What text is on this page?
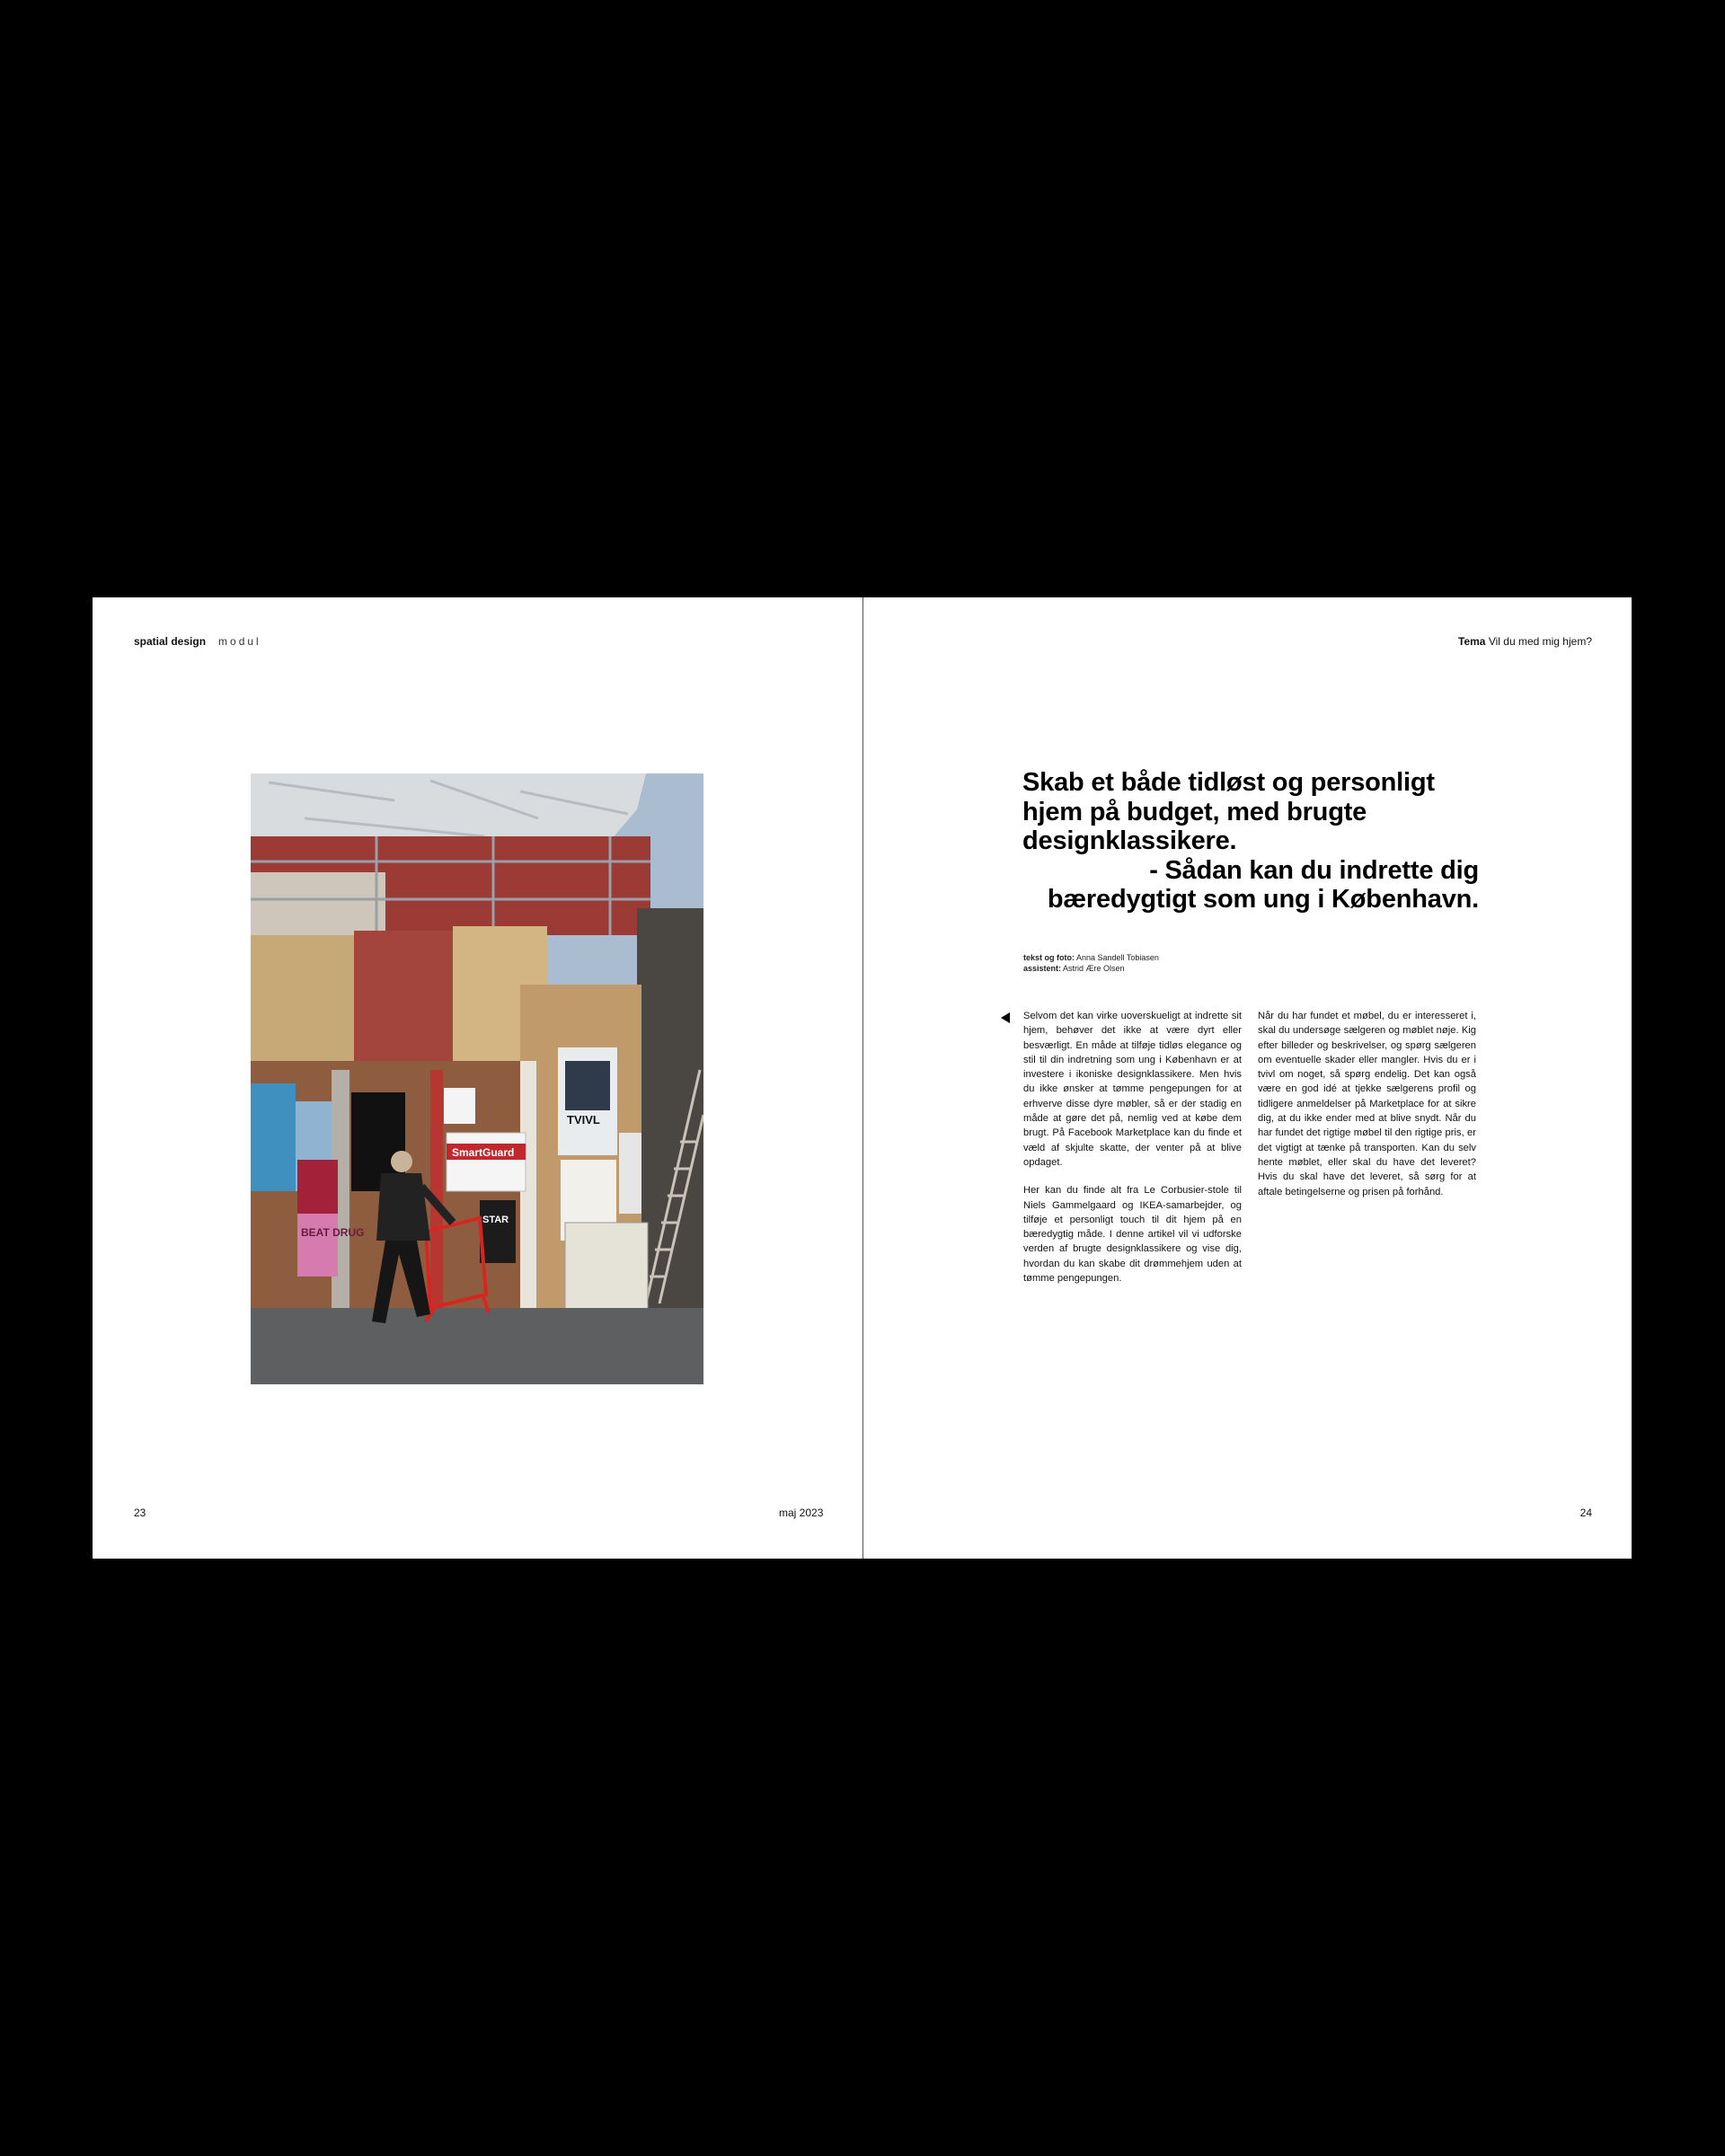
spatial design modul
BEAT DRUG
SmartGuard
STAR
TVIVL
23	maj 2023
Tema Vil du med mig hjem?
Skab et både tidløst og personligt hjem på budget, med brugte designklassikere.
- Sådan kan du indrette dig bæredygtigt som ung i København.
tekst og foto: Anna Sandell Tobiasen
assistent: Astrid Ære Olsen

Selvom det kan virke uoverskueligt at indrette sit hjem, behøver det ikke at være dyrt eller besværligt. En måde at tilføje tidløs elegance og stil til din indretning som ung i København er at investere i ikoniske designklassikere. Men hvis du ikke ønsker at tømme pengepungen for at erhverve disse dyre møbler, så er der stadig en måde at gøre det på, nemlig ved at købe dem brugt. På Facebook Marketplace kan du finde et væld af skjulte skatte, der venter på at blive opdaget.

Her kan du finde alt fra Le Corbusier-stole til Niels Gammelgaard og IKEA-samarbejder, og tilføje et personligt touch til dit hjem på en bæredygtig måde. I denne artikel vil vi udforske verden af brugte designklassikere og vise dig, hvordan du kan skabe dit drømmehjem uden at tømme pengepungen.

Når du har fundet et møbel, du er interesseret i, skal du undersøge sælgeren og møblet nøje. Kig efter billeder og beskrivelser, og spørg sælgeren om eventuelle skader eller mangler. Hvis du er i tvivl om noget, så spørg endelig. Det kan også være en god idé at tjekke sælgerens profil og tidligere anmeldelser på Marketplace for at sikre dig, at du ikke ender med at blive snydt. Når du har fundet det rigtige møbel til den rigtige pris, er det vigtigt at tænke på transporten. Kan du selv hente møblet, eller skal du have det leveret? Hvis du skal have det leveret, så sørg for at aftale betingelserne og prisen på forhånd.

24
